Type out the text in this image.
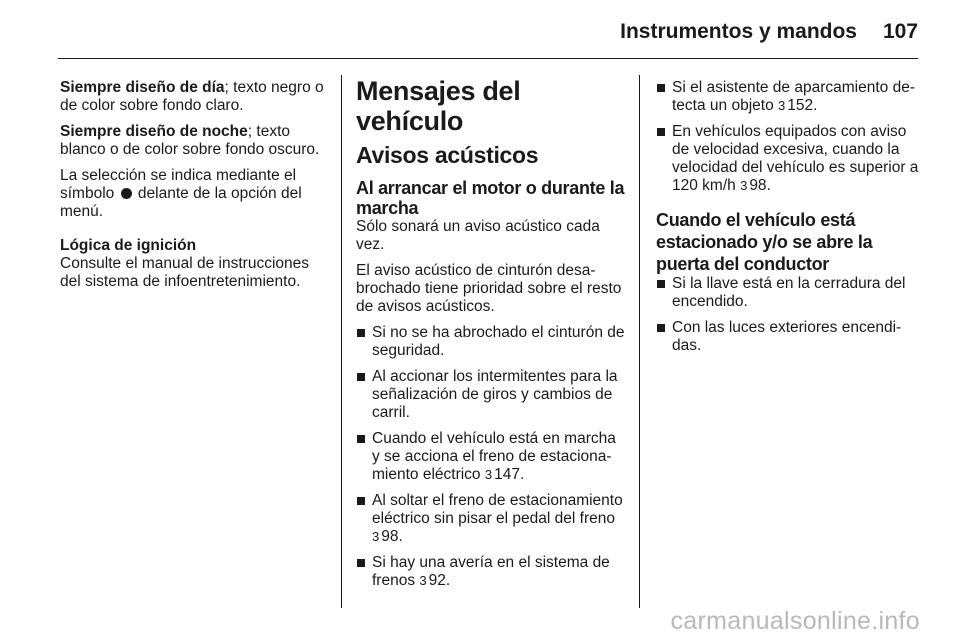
Instrumentos y mandos 107

Siempre diseño de día; texto negro o de color sobre fondo claro.

Siempre diseño de noche; texto blanco o de color sobre fondo oscuro.

La selección se indica mediante el símbolo delante de la opción del menú.

Lógica de ignición
Consulte el manual de instrucciones del sistema de infoentretenimiento.

Mensajes del vehículo
Avisos acústicos
Al arrancar el motor o durante la marcha

Sólo sonará un aviso acústico cada vez.

El aviso acústico de cinturón desabrochado tiene prioridad sobre el resto de avisos acústicos.

Si no se ha abrochado el cinturón de seguridad.
Al accionar los intermitentes para la señalización de giros y cambios de carril.
Cuando el vehículo está en marcha y se acciona el freno de estacionamiento eléctrico 3 147.
Al soltar el freno de estacionamiento eléctrico sin pisar el pedal del freno 3 98.
Si hay una avería en el sistema de frenos 3 92.
Si el asistente de aparcamiento detecta un objeto 3 152.
En vehículos equipados con aviso de velocidad excesiva, cuando la velocidad del vehículo es superior a 120 km/h 3 98.
Cuando el vehículo está estacionado y/o se abre la puerta del conductor
Si la llave está en la cerradura del encendido.
Con las luces exteriores encendidas.
carmanualsonline.info
